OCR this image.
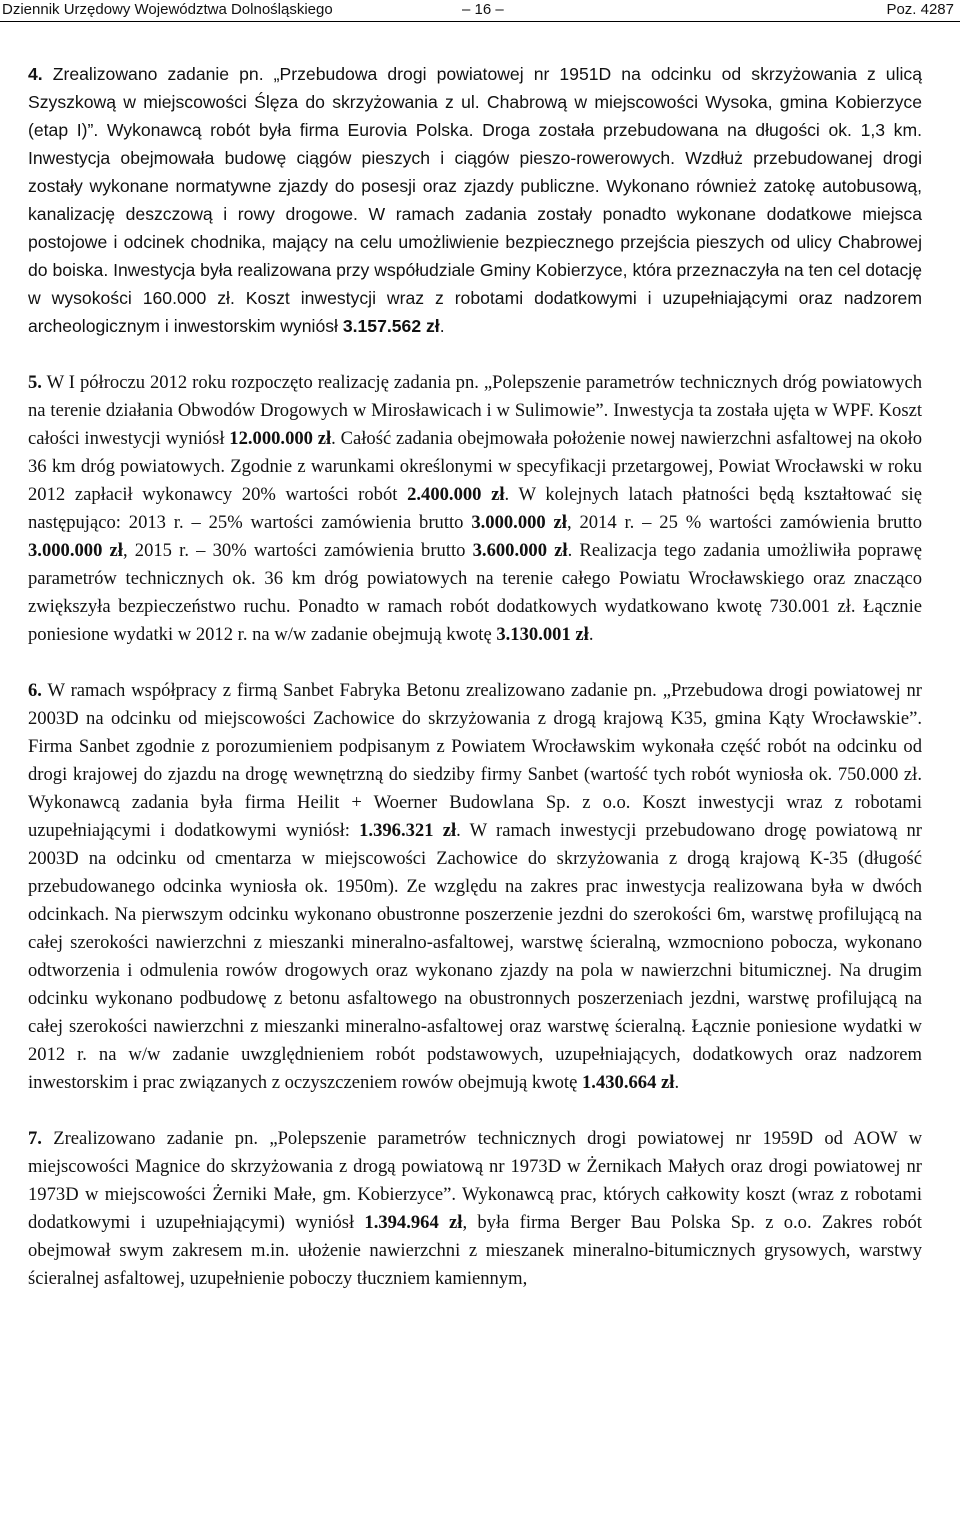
Dziennik Urzędowy Województwa Dolnośląskiego	– 16 –	Poz. 4287

4. Zrealizowano zadanie pn. „Przebudowa drogi powiatowej nr 1951D na odcinku od skrzyżowania z ulicą Szyszkową w miejscowości Ślęza do skrzyżowania z ul. Chabrową w miejscowości Wysoka, gmina Kobierzyce (etap I)”. Wykonawcą robót była firma Eurovia Polska. Droga została przebudowana na długości ok. 1,3 km. Inwestycja obejmowała budowę ciągów pieszych i ciągów pieszo-rowerowych. Wzdłuż przebudowanej drogi zostały wykonane normatywne zjazdy do posesji oraz zjazdy publiczne. Wykonano również zatokę autobusową, kanalizację deszczową i rowy drogowe. W ramach zadania zostały ponadto wykonane dodatkowe miejsca postojowe i odcinek chodnika, mający na celu umożliwienie bezpiecznego przejścia pieszych od ulicy Chabrowej do boiska. Inwestycja była realizowana przy współudziale Gminy Kobierzyce, która przeznaczyła na ten cel dotację w wysokości 160.000 zł. Koszt inwestycji wraz z robotami dodatkowymi i uzupełniającymi oraz nadzorem archeologicznym i inwestorskim wyniósł 3.157.562 zł.

5. W I półroczu 2012 roku rozpoczęto realizację zadania pn. „Polepszenie parametrów technicznych dróg powiatowych na terenie działania Obwodów Drogowych w Mirosławicach i w Sulimowie”. Inwestycja ta została ujęta w WPF. Koszt całości inwestycji wyniósł 12.000.000 zł. Całość zadania obejmowała położenie nowej nawierzchni asfaltowej na około 36 km dróg powiatowych. Zgodnie z warunkami określonymi w specyfikacji przetargowej, Powiat Wrocławski w roku 2012 zapłacił wykonawcy 20% wartości robót 2.400.000 zł. W kolejnych latach płatności będą kształtować się następująco: 2013 r. – 25% wartości zamówienia brutto 3.000.000 zł, 2014 r. – 25 % wartości zamówienia brutto 3.000.000 zł, 2015 r. – 30% wartości zamówienia brutto 3.600.000 zł. Realizacja tego zadania umożliwiła poprawę parametrów technicznych ok. 36 km dróg powiatowych na terenie całego Powiatu Wrocławskiego oraz znacząco zwiększyła bezpieczeństwo ruchu. Ponadto w ramach robót dodatkowych wydatkowano kwotę 730.001 zł. Łącznie poniesione wydatki w 2012 r. na w/w zadanie obejmują kwotę 3.130.001 zł.

6. W ramach współpracy z firmą Sanbet Fabryka Betonu zrealizowano zadanie pn. „Przebudowa drogi powiatowej nr 2003D na odcinku od miejscowości Zachowice do skrzyżowania z drogą krajową K35, gmina Kąty Wrocławskie”. Firma Sanbet zgodnie z porozumieniem podpisanym z Powiatem Wrocławskim wykonała część robót na odcinku od drogi krajowej do zjazdu na drogę wewnętrzną do siedziby firmy Sanbet (wartość tych robót wyniosła ok. 750.000 zł. Wykonawcą zadania była firma Heilit + Woerner Budowlana Sp. z o.o. Koszt inwestycji wraz z robotami uzupełniającymi i dodatkowymi wyniósł: 1.396.321 zł. W ramach inwestycji przebudowano drogę powiatową nr 2003D na odcinku od cmentarza w miejscowości Zachowice do skrzyżowania z drogą krajową K-35 (długość przebudowanego odcinka wyniosła ok. 1950m). Ze względu na zakres prac inwestycja realizowana była w dwóch odcinkach. Na pierwszym odcinku wykonano obustronne poszerzenie jezdni do szerokości 6m, warstwę profilującą na całej szerokości nawierzchni z mieszanki mineralno-asfaltowej, warstwę ścieralną, wzmocniono pobocza, wykonano odtworzenia i odmulenia rowów drogowych oraz wykonano zjazdy na pola w nawierzchni bitumicznej. Na drugim odcinku wykonano podbudowę z betonu asfaltowego na obustronnych poszerzeniach jezdni, warstwę profilującą na całej szerokości nawierzchni z mieszanki mineralno-asfaltowej oraz warstwę ścieralną. Łącznie poniesione wydatki w 2012 r. na w/w zadanie uwzględnieniem robót podstawowych, uzupełniających, dodatkowych oraz nadzorem inwestorskim i prac związanych z oczyszczeniem rowów obejmują kwotę 1.430.664 zł.

7. Zrealizowano zadanie pn. „Polepszenie parametrów technicznych drogi powiatowej nr 1959D od AOW w miejscowości Magnice do skrzyżowania z drogą powiatową nr 1973D w Żernikach Małych oraz drogi powiatowej nr 1973D w miejscowości Żerniki Małe, gm. Kobierzyce”. Wykonawcą prac, których całkowity koszt (wraz z robotami dodatkowymi i uzupełniającymi) wyniósł 1.394.964 zł, była firma Berger Bau Polska Sp. z o.o. Zakres robót obejmował swym zakresem m.in. ułożenie nawierzchni z mieszanek mineralno-bitumicznych grysowych, warstwy ścieralnej asfaltowej, uzupełnienie poboczy tłuczniem kamiennym,
